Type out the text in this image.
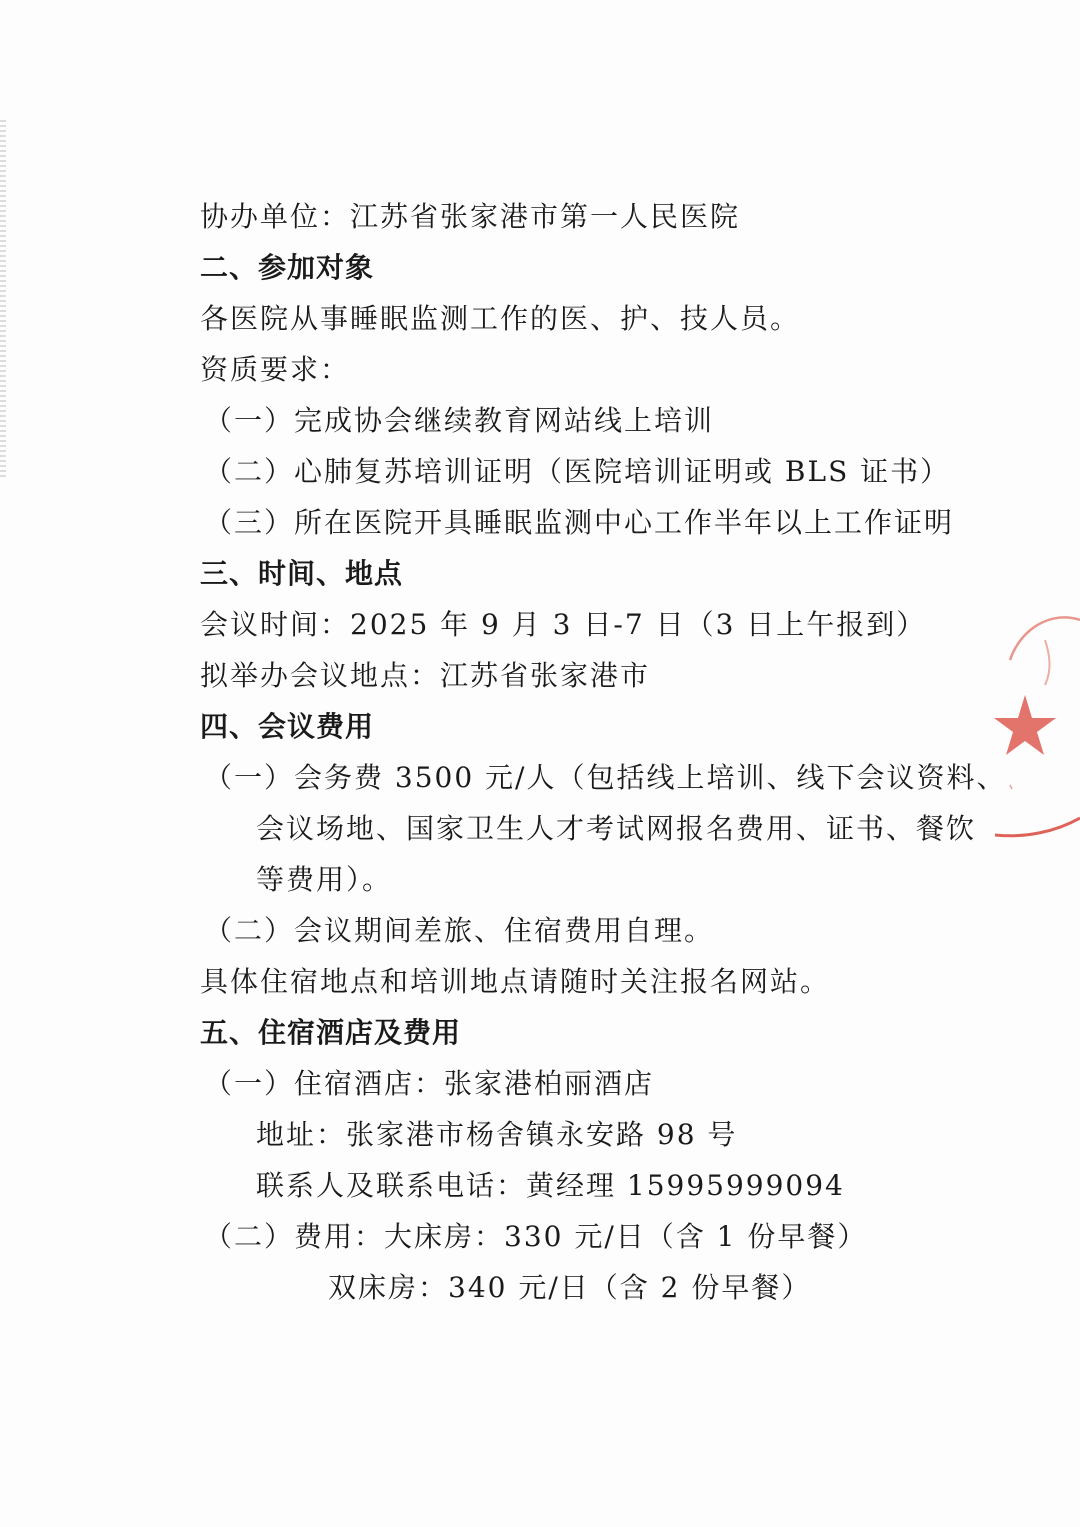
协办单位：江苏省张家港市第一人民医院
二、参加对象
各医院从事睡眠监测工作的医、护、技人员。
资质要求：
（一）完成协会继续教育网站线上培训
（二）心肺复苏培训证明（医院培训证明或 BLS 证书）
（三）所在医院开具睡眠监测中心工作半年以上工作证明
三、时间、地点
会议时间：2025 年 9 月 3 日-7 日（3 日上午报到）
拟举办会议地点：江苏省张家港市
四、会议费用
（一）会务费 3500 元/人（包括线上培训、线下会议资料、
会议场地、国家卫生人才考试网报名费用、证书、餐饮
等费用）。
（二）会议期间差旅、住宿费用自理。
具体住宿地点和培训地点请随时关注报名网站。
五、住宿酒店及费用
（一）住宿酒店：张家港柏丽酒店
地址：张家港市杨舍镇永安路 98 号
联系人及联系电话：黄经理 15995999094
（二）费用：大床房：330 元/日（含 1 份早餐）
双床房：340 元/日（含 2 份早餐）
